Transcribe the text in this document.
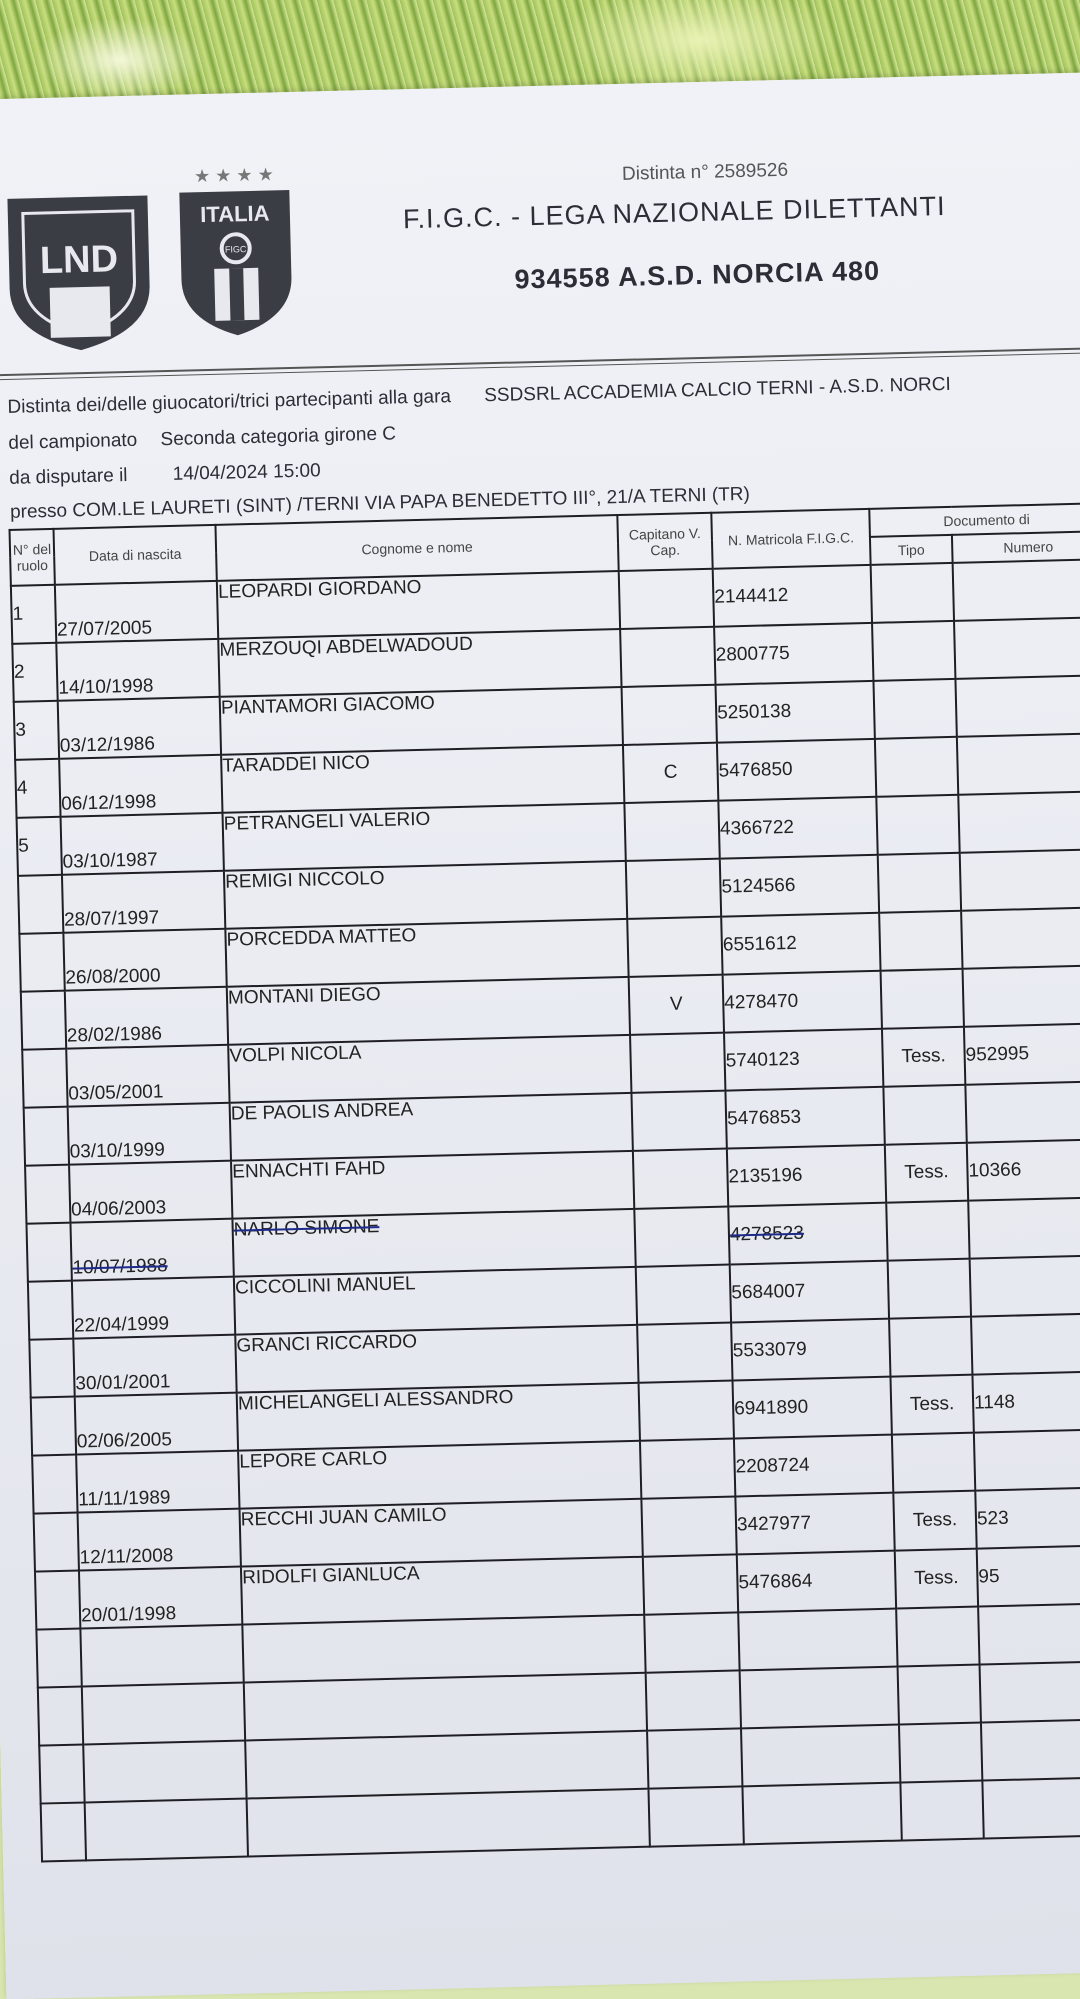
LND
★ ★ ★ ★
ITALIA
FIGC
Distinta n° 2589526
F.I.G.C. - LEGA NAZIONALE DILETTANTI
934558 A.S.D. NORCIA 480
Distinta dei/delle giuocatori/trici partecipanti alla gara SSDSRL ACCADEMIA CALCIO TERNI - A.S.D. NORCI
del campionato Seconda categoria girone C
da disputare il 14/04/2024 15:00
presso COM.LE LAURETI (SINT) /TERNI VIA PAPA BENEDETTO III°, 21/A TERNI (TR)
N° del ruolo	Data di nascita	Cognome e nome	Capitano V. Cap.	N. Matricola F.I.G.C.	Documento di	
					Tipo	Numero
1	27/07/2005	LEOPARDI GIORDANO		2144412		
2	14/10/1998	MERZOUQI ABDELWADOUD		2800775		
3	03/12/1986	PIANTAMORI GIACOMO		5250138		
4	06/12/1998	TARADDEI NICO	C	5476850		
5	03/10/1987	PETRANGELI VALERIO		4366722		
	28/07/1997	REMIGI NICCOLO		5124566		
	26/08/2000	PORCEDDA MATTEO		6551612		
	28/02/1986	MONTANI DIEGO	V	4278470		
	03/05/2001	VOLPI NICOLA		5740123	Tess.	952995
	03/10/1999	DE PAOLIS ANDREA		5476853		
	04/06/2003	ENNACHTI FAHD		2135196	Tess.	10366
	10/07/1988	NARLO SIMONE		4278523		
	22/04/1999	CICCOLINI MANUEL		5684007		
	30/01/2001	GRANCI RICCARDO		5533079		
	02/06/2005	MICHELANGELI ALESSANDRO		6941890	Tess.	1148
	11/11/1989	LEPORE CARLO		2208724		
	12/11/2008	RECCHI JUAN CAMILO		3427977	Tess.	523
	20/01/1998	RIDOLFI GIANLUCA		5476864	Tess.	95
